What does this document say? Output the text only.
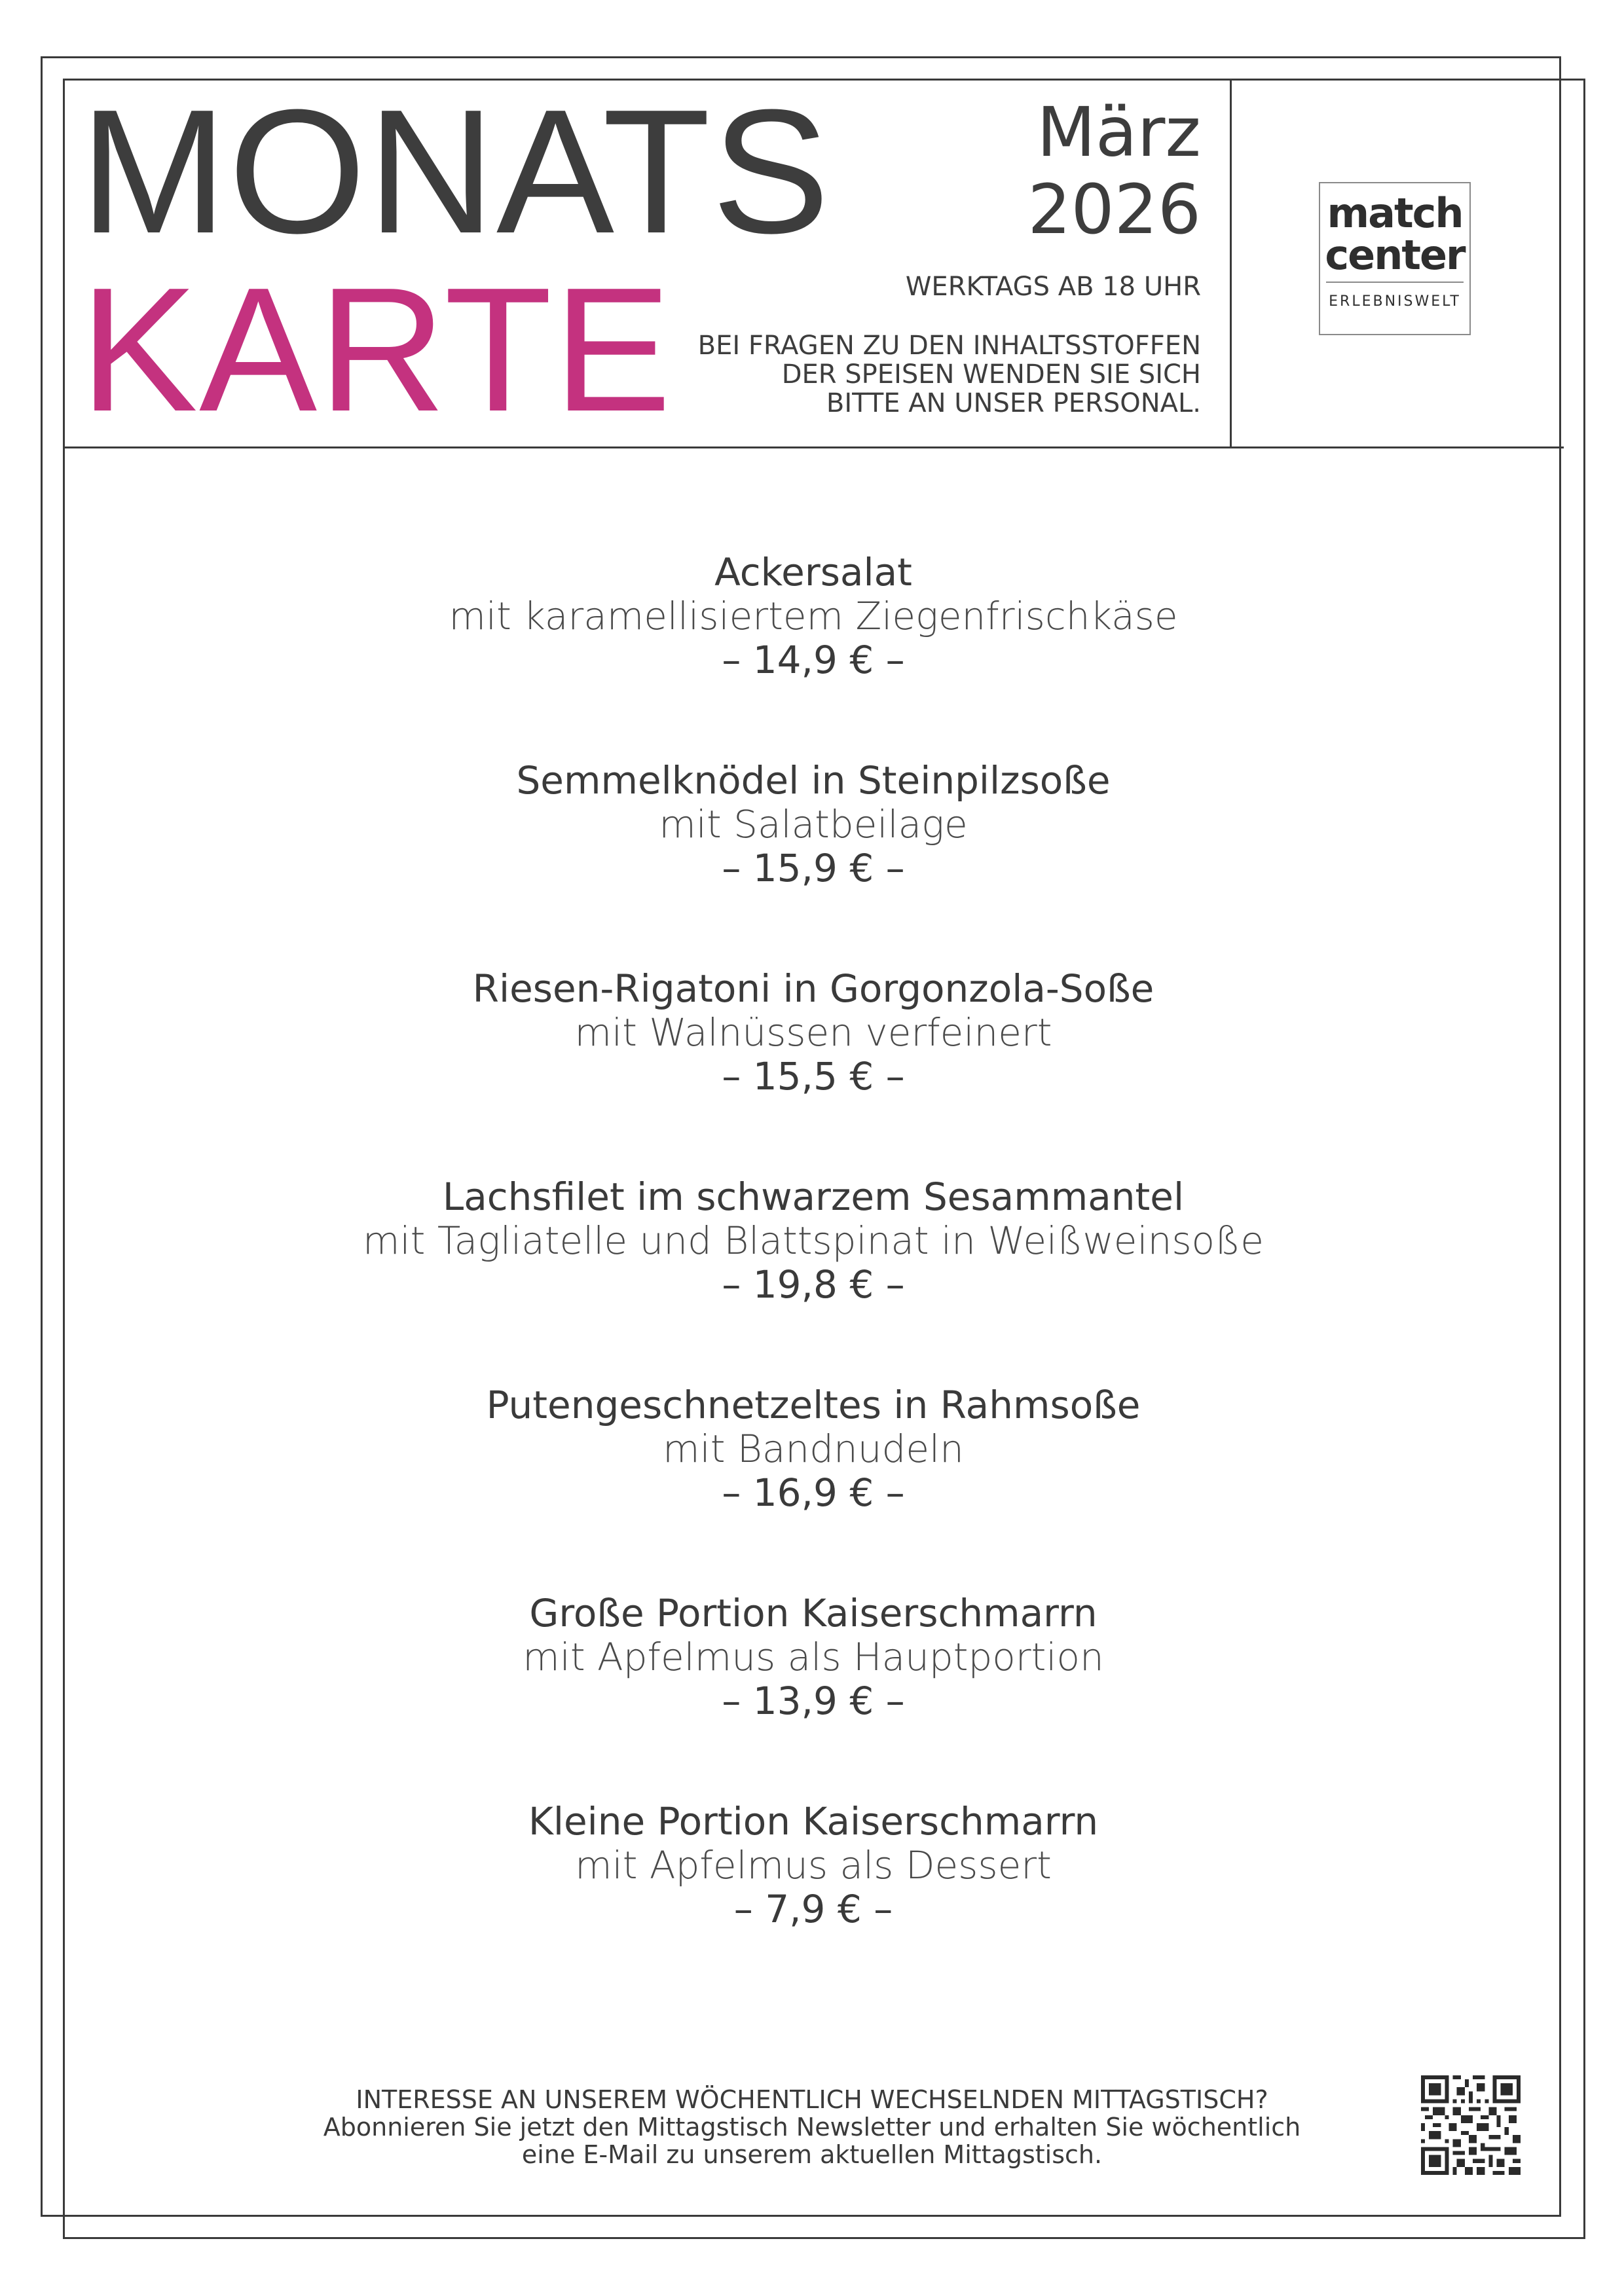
MONATS
KARTE
März
2026
WERKTAGS AB 18 UHR
BEI FRAGEN ZU DEN INHALTSSTOFFEN
DER SPEISEN WENDEN SIE SICH
BITTE AN UNSER PERSONAL.
match
center
ERLEBNISWELT
Ackersalat
mit karamellisiertem Ziegenfrischkäse
– 14,9 € –
Semmelknödel in Steinpilzsoße
mit Salatbeilage
– 15,9 € –
Riesen-Rigatoni in Gorgonzola-Soße
mit Walnüssen verfeinert
– 15,5 € –
Lachsfilet im schwarzem Sesammantel
mit Tagliatelle und Blattspinat in Weißweinsoße
– 19,8 € –
Putengeschnetzeltes in Rahmsoße
mit Bandnudeln
– 16,9 € –
Große Portion Kaiserschmarrn
mit Apfelmus als Hauptportion
– 13,9 € –
Kleine Portion Kaiserschmarrn
mit Apfelmus als Dessert
– 7,9 € –
INTERESSE AN UNSEREM WÖCHENTLICH WECHSELNDEN MITTAGSTISCH?
Abonnieren Sie jetzt den Mittagstisch Newsletter und erhalten Sie wöchentlich
eine E-Mail zu unserem aktuellen Mittagstisch.
